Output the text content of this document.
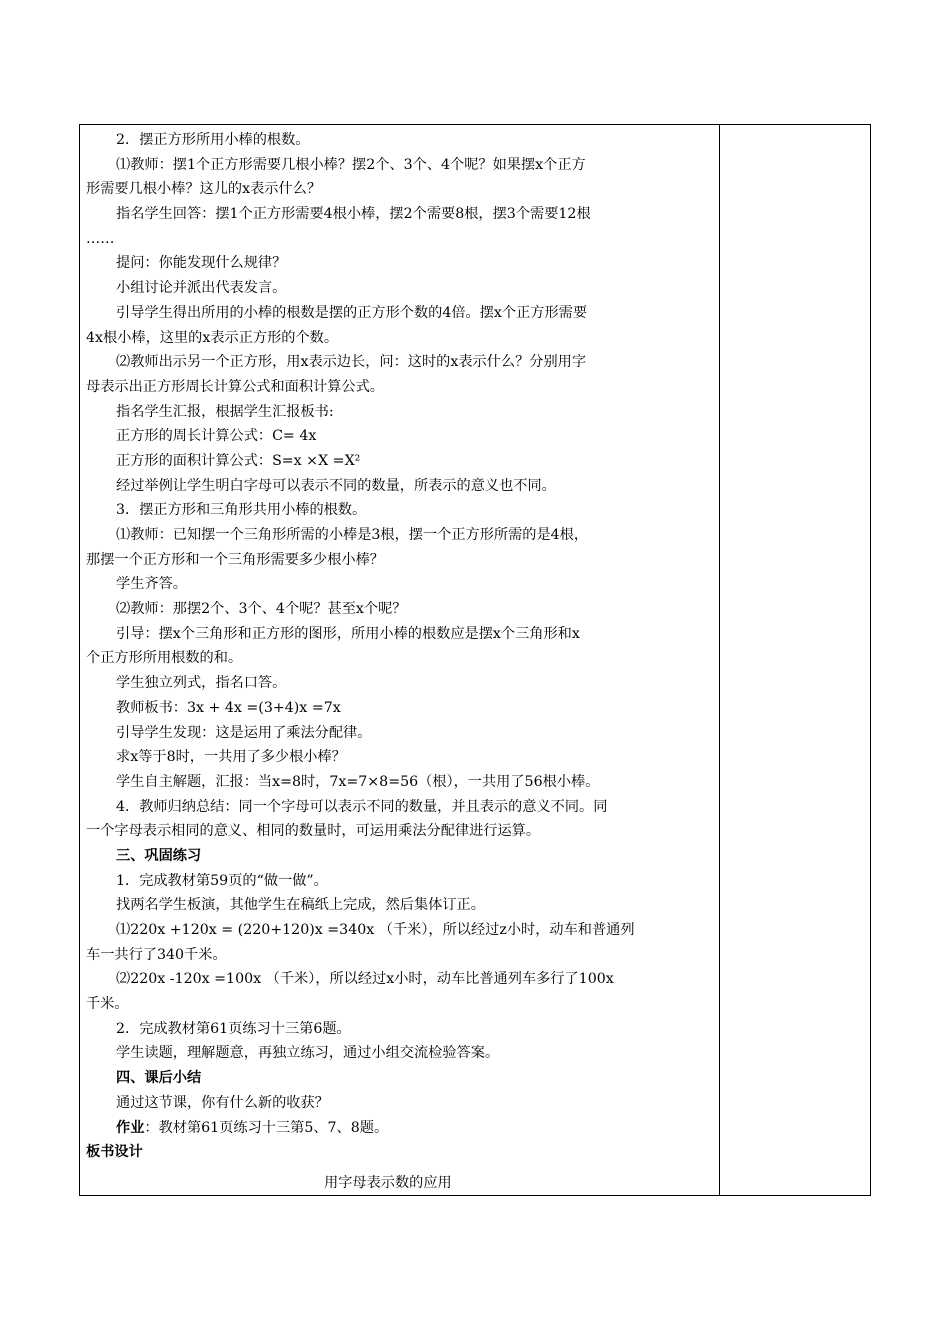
2．摆正方形所用小棒的根数。
⑴教师：摆1个正方形需要几根小棒？摆2个、3个、4个呢？如果摆x个正方
形需要几根小棒？这儿的x表示什么？
指名学生回答：摆1个正方形需要4根小棒，摆2个需要8根，摆3个需要12根
……
提问：你能发现什么规律？
小组讨论并派出代表发言。
引导学生得出所用的小棒的根数是摆的正方形个数的4倍。摆x个正方形需要
4x根小棒，这里的x表示正方形的个数。
⑵教师出示另一个正方形，用x表示边长，问：这时的x表示什么？分别用字
母表示出正方形周长计算公式和面积计算公式。
指名学生汇报，根据学生汇报板书:
正方形的周长计算公式：C= 4x
正方形的面积计算公式：S=x ×X =X²
经过举例让学生明白字母可以表示不同的数量，所表示的意义也不同。
3．摆正方形和三角形共用小棒的根数。
⑴教师：已知摆一个三角形所需的小棒是3根，摆一个正方形所需的是4根，
那摆一个正方形和一个三角形需要多少根小棒？
学生齐答。
⑵教师：那摆2个、3个、4个呢？甚至x个呢？
引导：摆x个三角形和正方形的图形，所用小棒的根数应是摆x个三角形和x
个正方形所用根数的和。
学生独立列式，指名口答。
教师板书：3x + 4x =(3+4)x =7x
引导学生发现：这是运用了乘法分配律。
求x等于8时，一共用了多少根小棒？
学生自主解题，汇报：当x=8时，7x=7×8=56（根），一共用了56根小棒。
4．教师归纳总结：同一个字母可以表示不同的数量，并且表示的意义不同。同
一个字母表示相同的意义、相同的数量时，可运用乘法分配律进行运算。
三、巩固练习
1．完成教材第59页的“做一做”。
找两名学生板演，其他学生在稿纸上完成，然后集体订正。
⑴220x +120x = (220+120)x =340x （千米），所以经过z小时，动车和普通列
车一共行了340千米。
⑵220x -120x =100x （千米），所以经过x小时，动车比普通列车多行了100x
千米。
2．完成教材第61页练习十三第6题。
学生读题，理解题意，再独立练习，通过小组交流检验答案。
四、课后小结
通过这节课，你有什么新的收获？
作业：教材第61页练习十三第5、7、8题。
板书设计
用字母表示数的应用
